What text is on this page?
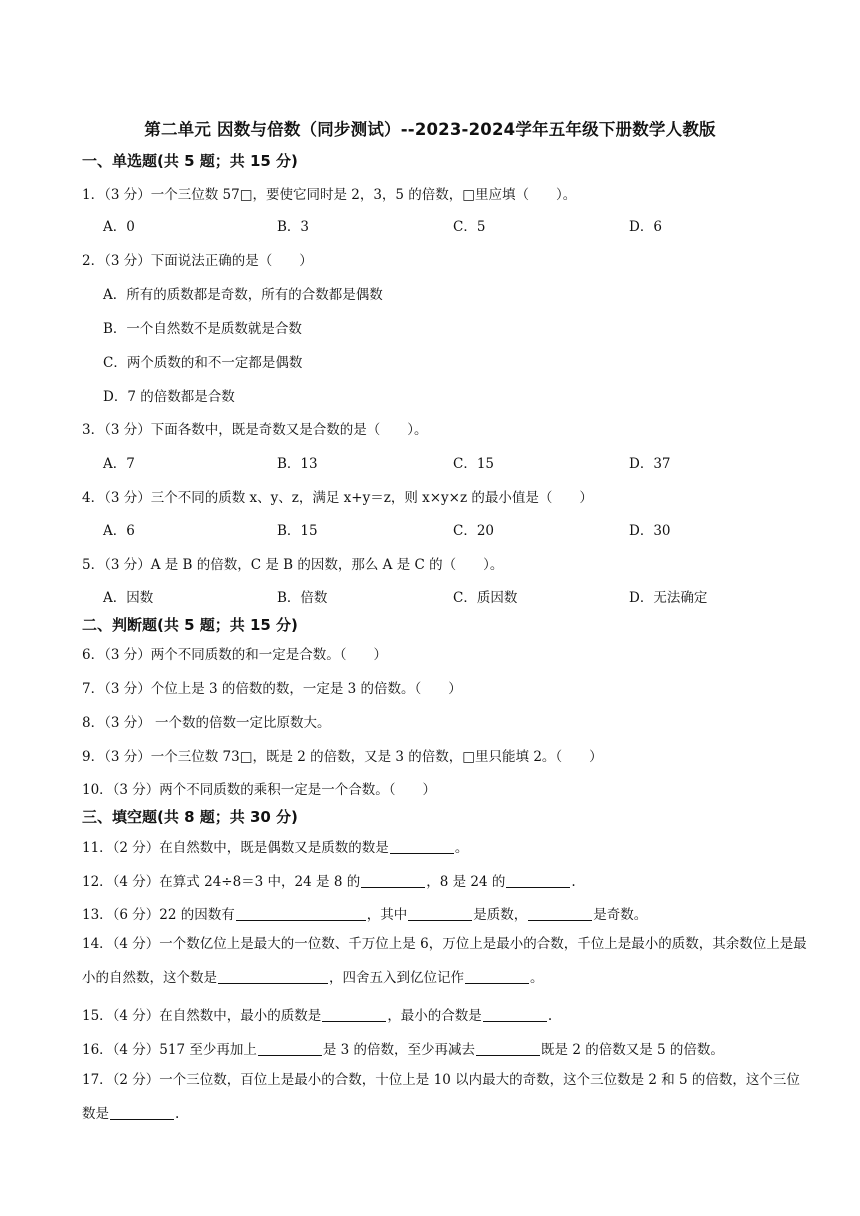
第二单元 因数与倍数（同步测试）--2023-2024学年五年级下册数学人教版
一、单选题(共 5 题；共 15 分)
1．（3 分）一个三位数 57□，要使它同时是 2，3，5 的倍数，□里应填（　　）。
A．0	B．3	C．5	D．6
2．（3 分）下面说法正确的是（　　）
A．所有的质数都是奇数，所有的合数都是偶数
B．一个自然数不是质数就是合数
C．两个质数的和不一定都是偶数
D．7 的倍数都是合数
3．（3 分）下面各数中，既是奇数又是合数的是（　　）。
A．7	B．13	C．15	D．37
4．（3 分）三个不同的质数 x、y、z，满足 x+y＝z，则 x×y×z 的最小值是（　　）
A．6	B．15	C．20	D．30
5．（3 分）A 是 B 的倍数，C 是 B 的因数，那么 A 是 C 的（　　）。
A．因数	B．倍数	C．质因数	D．无法确定
二、判断题(共 5 题；共 15 分)
6．（3 分）两个不同质数的和一定是合数。（　　）
7．（3 分）个位上是 3 的倍数的数，一定是 3 的倍数。（　　）
8．（3 分） 一个数的倍数一定比原数大。
9．（3 分）一个三位数 73□，既是 2 的倍数，又是 3 的倍数，□里只能填 2。（　　）
10．（3 分）两个不同质数的乘积一定是一个合数。（　　）
三、填空题(共 8 题；共 30 分)
11．（2 分）在自然数中，既是偶数又是质数的数是	。
12．（4 分）在算式 24÷8＝3 中，24 是 8 的	，8 是 24 的	.
13．（6 分）22 的因数有	，其中	是质数，	是奇数。
14．（4 分）一个数亿位上是最大的一位数、千万位上是 6，万位上是最小的合数，千位上是最小的质数，其余数位上是最小的自然数，这个数是	，四舍五入到亿位记作	。
15．（4 分）在自然数中，最小的质数是	，最小的合数是	.
16．（4 分）517 至少再加上	是 3 的倍数，至少再减去	既是 2 的倍数又是 5 的倍数。
17．（2 分）一个三位数，百位上是最小的合数，十位上是 10 以内最大的奇数，这个三位数是 2 和 5 的倍数，这个三位数是	.
